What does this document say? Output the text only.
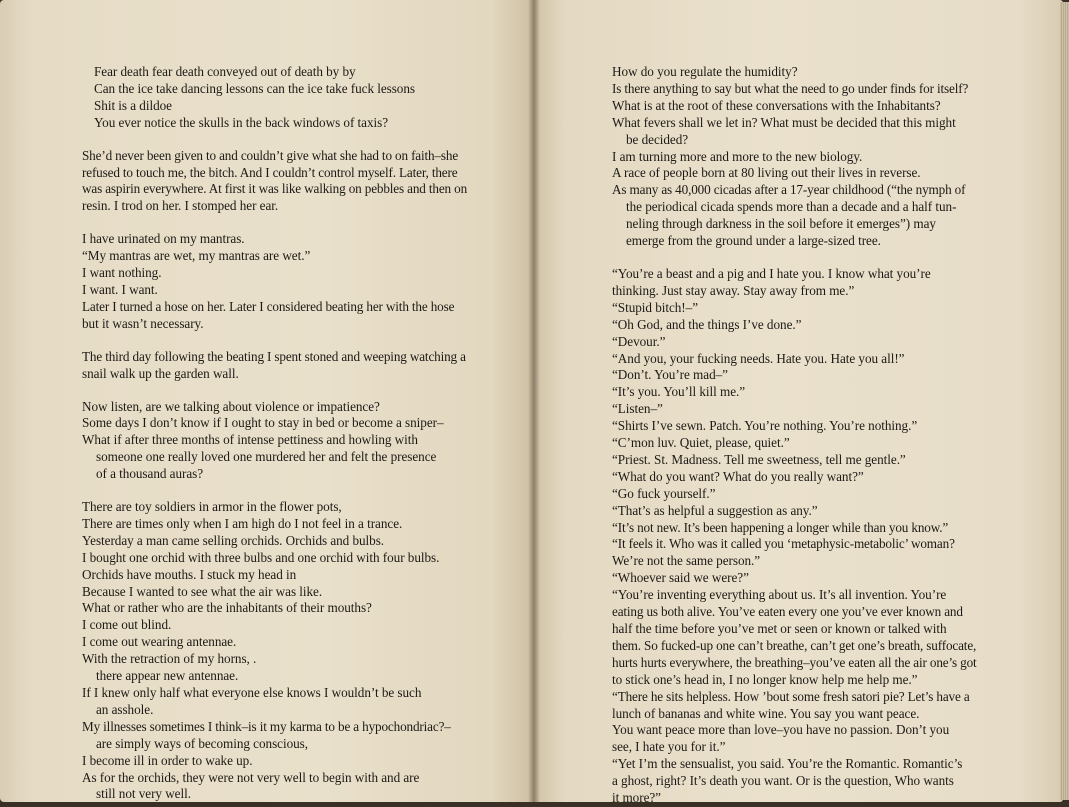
Fear death fear death conveyed out of death by by
Can the ice take dancing lessons can the ice take fuck lessons
Shit is a dildoe
You ever notice the skulls in the back windows of taxis?
She’d never been given to and couldn’t give what she had to on faith–she
refused to touch me, the bitch. And I couldn’t control myself. Later, there
was aspirin everywhere. At first it was like walking on pebbles and then on
resin. I trod on her. I stomped her ear.
I have urinated on my mantras.
“My mantras are wet, my mantras are wet.”
I want nothing.
I want. I want.
Later I turned a hose on her. Later I considered beating her with the hose
but it wasn’t necessary.
The third day following the beating I spent stoned and weeping watching a
snail walk up the garden wall.
Now listen, are we talking about violence or impatience?
Some days I don’t know if I ought to stay in bed or become a sniper–
What if after three months of intense pettiness and howling with
someone one really loved one murdered her and felt the presence
of a thousand auras?
There are toy soldiers in armor in the flower pots,
There are times only when I am high do I not feel in a trance.
Yesterday a man came selling orchids. Orchids and bulbs.
I bought one orchid with three bulbs and one orchid with four bulbs.
Orchids have mouths. I stuck my head in
Because I wanted to see what the air was like.
What or rather who are the inhabitants of their mouths?
I come out blind.
I come out wearing antennae.
With the retraction of my horns, .
there appear new antennae.
If I knew only half what everyone else knows I wouldn’t be such
an asshole.
My illnesses sometimes I think–is it my karma to be a hypochondriac?–
are simply ways of becoming conscious,
I become ill in order to wake up.
As for the orchids, they were not very well to begin with and are
still not very well.
How do you regulate the humidity?
Is there anything to say but what the need to go under finds for itself?
What is at the root of these conversations with the Inhabitants?
What fevers shall we let in? What must be decided that this might
be decided?
I am turning more and more to the new biology.
A race of people born at 80 living out their lives in reverse.
As many as 40,000 cicadas after a 17-year childhood (“the nymph of
the periodical cicada spends more than a decade and a half tun-
neling through darkness in the soil before it emerges”) may
emerge from the ground under a large-sized tree.
“You’re a beast and a pig and I hate you. I know what you’re
thinking. Just stay away. Stay away from me.”
“Stupid bitch!–”
“Oh God, and the things I’ve done.”
“Devour.”
“And you, your fucking needs. Hate you. Hate you all!”
“Don’t. You’re mad–”
“It’s you. You’ll kill me.”
“Listen–”
“Shirts I’ve sewn. Patch. You’re nothing. You’re nothing.”
“C’mon luv. Quiet, please, quiet.”
“Priest. St. Madness. Tell me sweetness, tell me gentle.”
“What do you want? What do you really want?”
“Go fuck yourself.”
“That’s as helpful a suggestion as any.”
“It’s not new. It’s been happening a longer while than you know.”
“It feels it. Who was it called you ‘metaphysic-metabolic’ woman?
We’re not the same person.”
“Whoever said we were?”
“You’re inventing everything about us. It’s all invention. You’re
eating us both alive. You’ve eaten every one you’ve ever known and
half the time before you’ve met or seen or known or talked with
them. So fucked-up one can’t breathe, can’t get one’s breath, suffocate,
hurts hurts everywhere, the breathing–you’ve eaten all the air one’s got
to stick one’s head in, I no longer know help me help me.”
“There he sits helpless. How ’bout some fresh satori pie? Let’s have a
lunch of bananas and white wine. You say you want peace.
You want peace more than love–you have no passion. Don’t you
see, I hate you for it.”
“Yet I’m the sensualist, you said. You’re the Romantic. Romantic’s
a ghost, right? It’s death you want. Or is the question, Who wants
it more?”
